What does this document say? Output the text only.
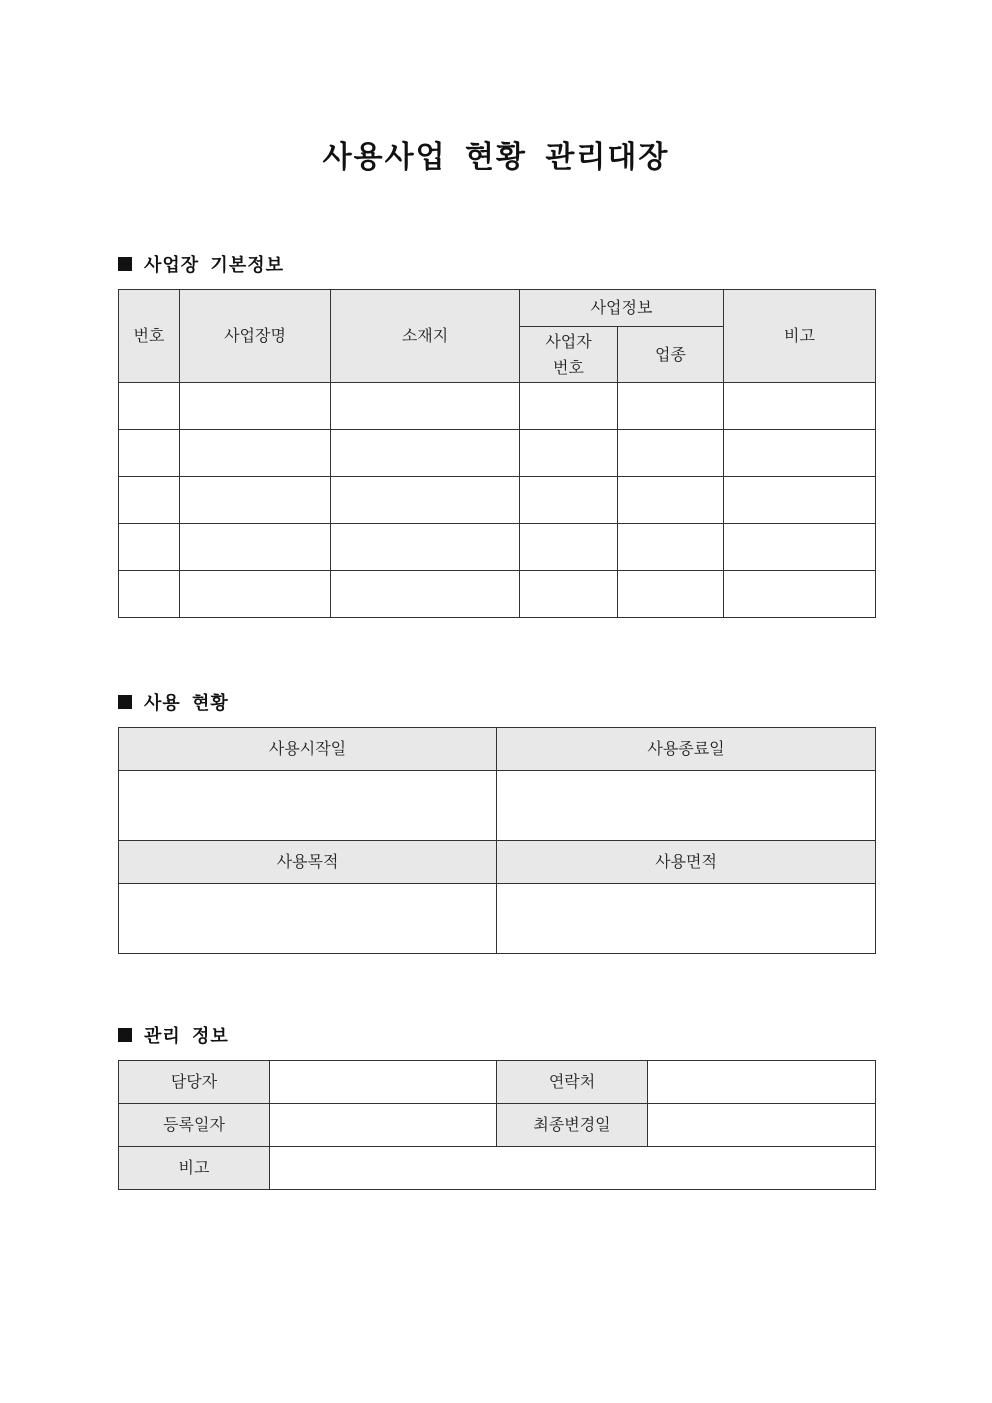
사용사업 현황 관리대장
사업장 기본정보
번호	사업장명	소재지	사업정보		비고
			사업자번호	업종	

사용 현황
사용시작일	사용종료일

사용목적	사용면적

관리 정보
담당자		연락처	
등록일자		최종변경일	
비고			
